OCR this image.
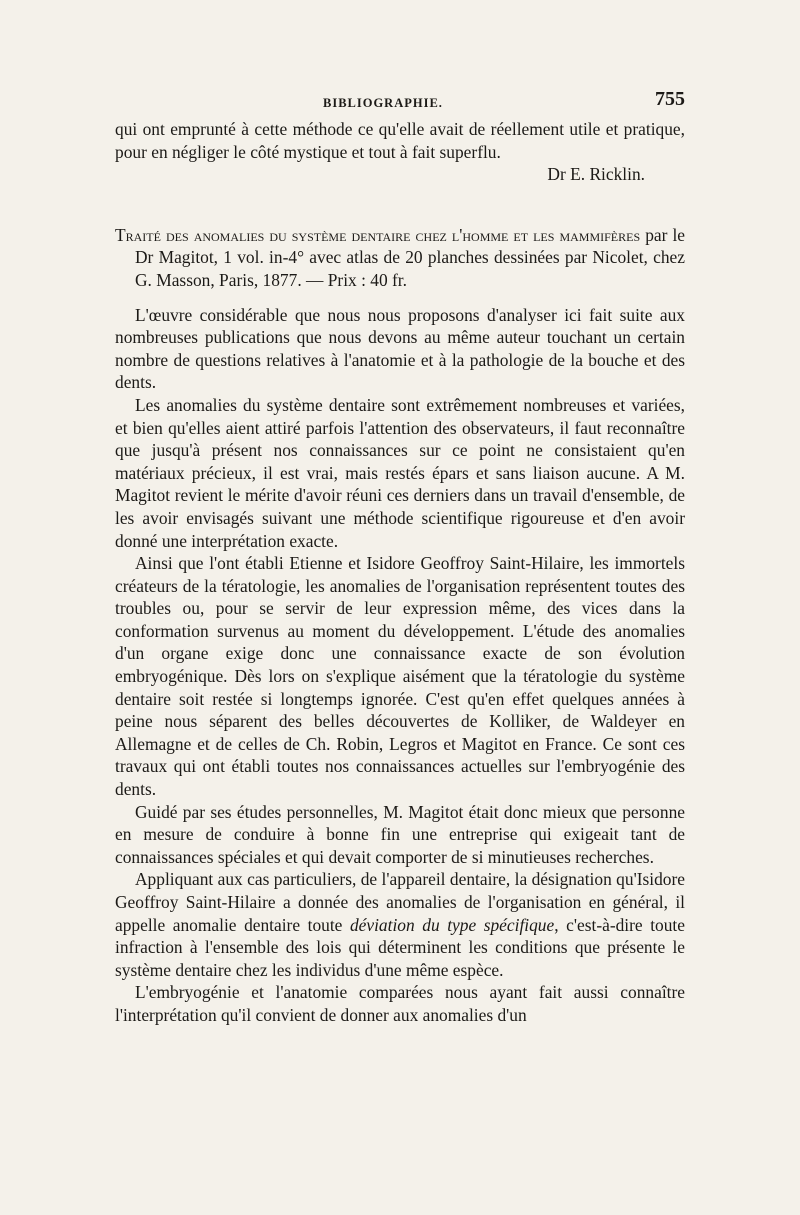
BIBLIOGRAPHIE.	755

qui ont emprunté à cette méthode ce qu'elle avait de réellement utile et pratique, pour en négliger le côté mystique et tout à fait superflu.

Dr E. Ricklin.

Traité des anomalies du système dentaire chez l'homme et les mammifères par le Dr Magitot, 1 vol. in-4° avec atlas de 20 planches dessinées par Nicolet, chez G. Masson, Paris, 1877. — Prix : 40 fr.

L'œuvre considérable que nous nous proposons d'analyser ici fait suite aux nombreuses publications que nous devons au même auteur touchant un certain nombre de questions relatives à l'anatomie et à la pathologie de la bouche et des dents.

Les anomalies du système dentaire sont extrêmement nombreuses et variées, et bien qu'elles aient attiré parfois l'attention des observateurs, il faut reconnaître que jusqu'à présent nos connaissances sur ce point ne consistaient qu'en matériaux précieux, il est vrai, mais restés épars et sans liaison aucune. A M. Magitot revient le mérite d'avoir réuni ces derniers dans un travail d'ensemble, de les avoir envisagés suivant une méthode scientifique rigoureuse et d'en avoir donné une interprétation exacte.

Ainsi que l'ont établi Etienne et Isidore Geoffroy Saint-Hilaire, les immortels créateurs de la tératologie, les anomalies de l'organisation représentent toutes des troubles ou, pour se servir de leur expression même, des vices dans la conformation survenus au moment du développement. L'étude des anomalies d'un organe exige donc une connaissance exacte de son évolution embryogénique. Dès lors on s'explique aisément que la tératologie du système dentaire soit restée si longtemps ignorée. C'est qu'en effet quelques années à peine nous séparent des belles découvertes de Kolliker, de Waldeyer en Allemagne et de celles de Ch. Robin, Legros et Magitot en France. Ce sont ces travaux qui ont établi toutes nos connaissances actuelles sur l'embryogénie des dents.

Guidé par ses études personnelles, M. Magitot était donc mieux que personne en mesure de conduire à bonne fin une entreprise qui exigeait tant de connaissances spéciales et qui devait comporter de si minutieuses recherches.

Appliquant aux cas particuliers, de l'appareil dentaire, la désignation qu'Isidore Geoffroy Saint-Hilaire a donnée des anomalies de l'organisation en général, il appelle anomalie dentaire toute déviation du type spécifique, c'est-à-dire toute infraction à l'ensemble des lois qui déterminent les conditions que présente le système dentaire chez les individus d'une même espèce.

L'embryogénie et l'anatomie comparées nous ayant fait aussi connaître l'interprétation qu'il convient de donner aux anomalies d'un
